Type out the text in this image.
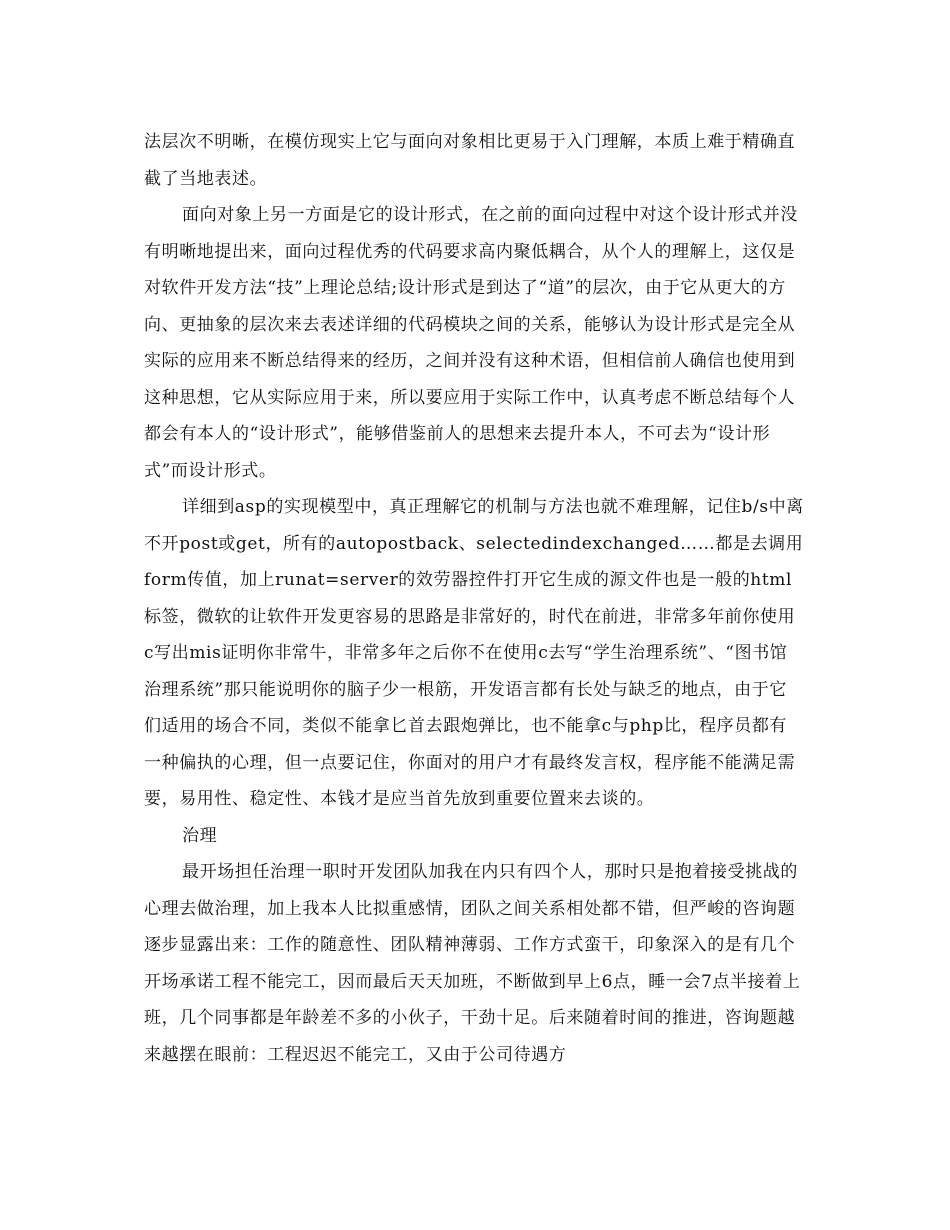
法层次不明晰，在模仿现实上它与面向对象相比更易于入门理解，本质上难于精确直截了当地表述。

面向对象上另一方面是它的设计形式，在之前的面向过程中对这个设计形式并没有明晰地提出来，面向过程优秀的代码要求高内聚低耦合，从个人的理解上，这仅是对软件开发方法“技”上理论总结;设计形式是到达了“道”的层次，由于它从更大的方向、更抽象的层次来去表述详细的代码模块之间的关系，能够认为设计形式是完全从实际的应用来不断总结得来的经历，之间并没有这种术语，但相信前人确信也使用到这种思想，它从实际应用于来，所以要应用于实际工作中，认真考虑不断总结每个人都会有本人的“设计形式”，能够借鉴前人的思想来去提升本人，不可去为“设计形式”而设计形式。

详细到asp的实现模型中，真正理解它的机制与方法也就不难理解，记住b/s中离不开post或get，所有的autopostback、selectedindexchanged……都是去调用form传值，加上runat=server的效劳器控件打开它生成的源文件也是一般的html标签，微软的让软件开发更容易的思路是非常好的，时代在前进，非常多年前你使用c写出mis证明你非常牛，非常多年之后你不在使用c去写“学生治理系统”、“图书馆治理系统”那只能说明你的脑子少一根筋，开发语言都有长处与缺乏的地点，由于它们适用的场合不同，类似不能拿匕首去跟炮弹比，也不能拿c与php比，程序员都有一种偏执的心理，但一点要记住，你面对的用户才有最终发言权，程序能不能满足需要，易用性、稳定性、本钱才是应当首先放到重要位置来去谈的。

治理

最开场担任治理一职时开发团队加我在内只有四个人，那时只是抱着接受挑战的心理去做治理，加上我本人比拟重感情，团队之间关系相处都不错，但严峻的咨询题逐步显露出来：工作的随意性、团队精神薄弱、工作方式蛮干，印象深入的是有几个开场承诺工程不能完工，因而最后天天加班，不断做到早上6点，睡一会7点半接着上班，几个同事都是年龄差不多的小伙子，干劲十足。后来随着时间的推进，咨询题越来越摆在眼前：工程迟迟不能完工，又由于公司待遇方
